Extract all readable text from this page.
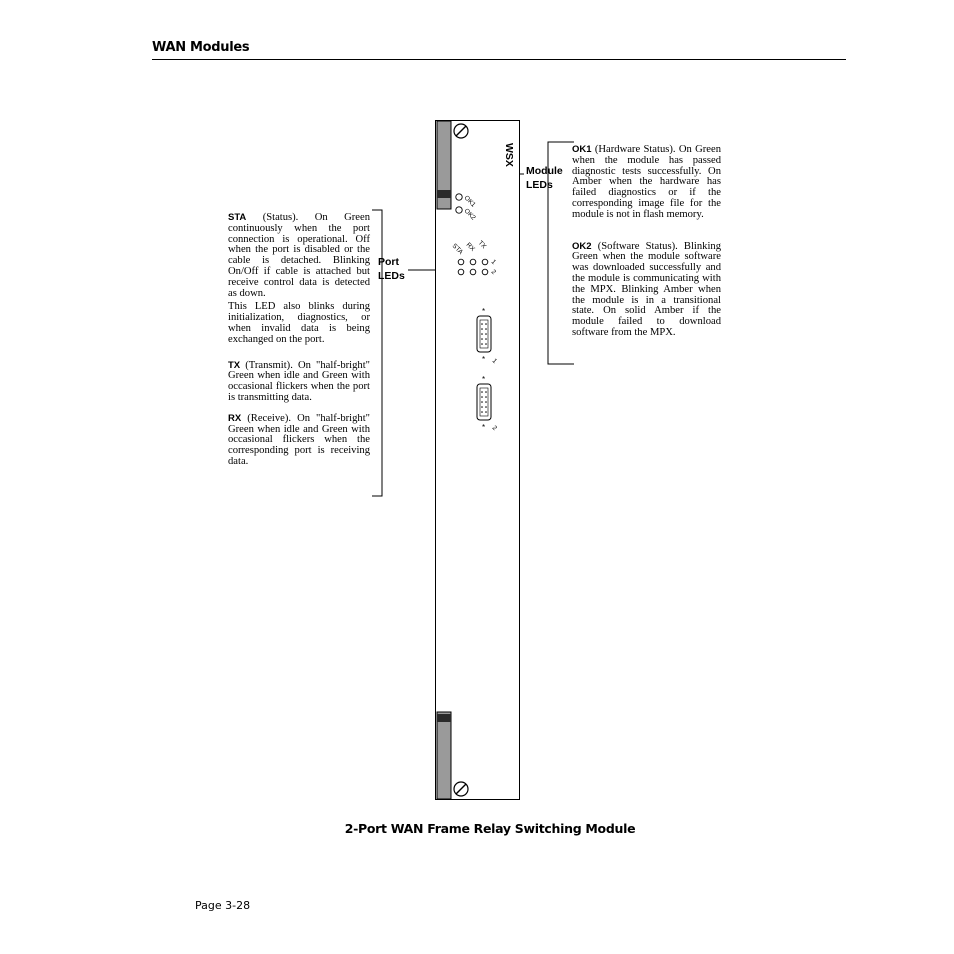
WAN Modules

STA (Status). On Green continuously when the port connection is operational. Off when the port is disabled or the cable is detached. Blinking On/Off if cable is attached but receive control data is detected as down.

This LED also blinks during initialization, diagnostics, or when invalid data is being exchanged on the port.

TX (Transmit). On "half-bright" Green when idle and Green with occasional flickers when the port is transmitting data.

RX (Receive). On "half-bright" Green when idle and Green with occasional flickers when the corresponding port is receiving data.

OK1 (Hardware Status). On Green when the module has passed diagnostic tests successfully. On Amber when the hardware has failed diagnostics or if the corresponding image file for the module is not in flash memory.

OK2 (Software Status). Blinking Green when the module software was downloaded successfully and the module is communicating with the MPX. Blinking Amber when the module is in a transitional state. On solid Amber if the module failed to download software from the MPX.

Module
LEDs
Port
LEDs
WSX
OK1
OK2
STA RX TX
1
2
*
* 1
*
* 2
2-Port WAN Frame Relay Switching Module
Page 3-28
